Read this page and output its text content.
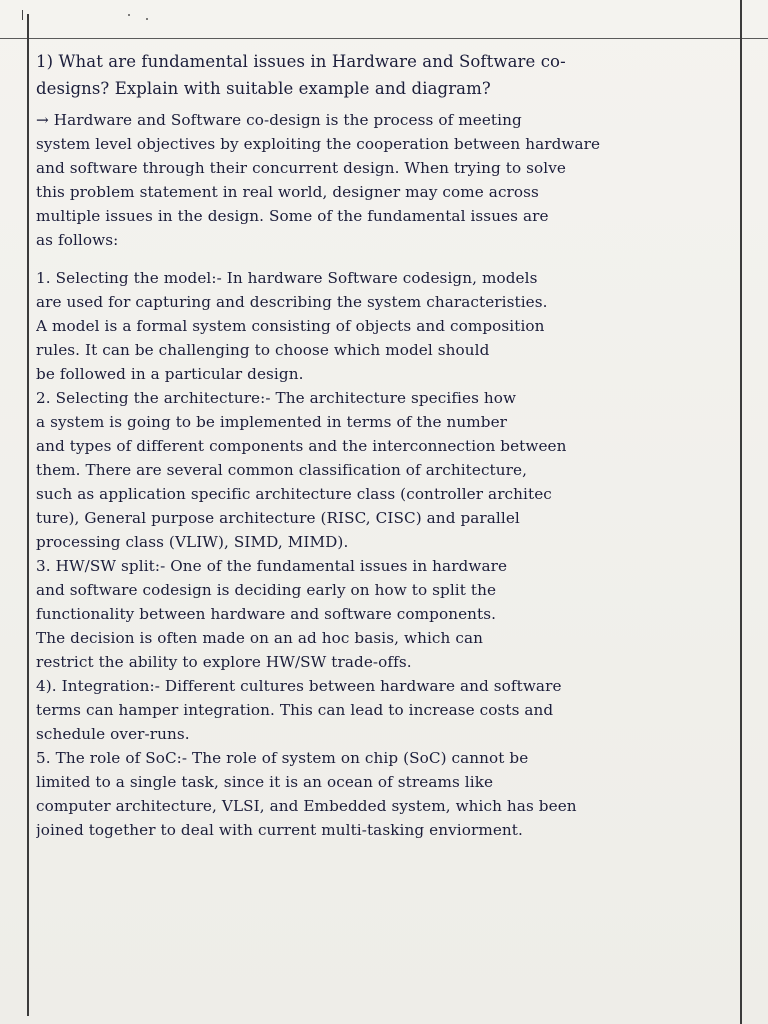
1) What are fundamental issues in Hardware and Software co-
designs? Explain with suitable example and diagram?
→ Hardware and Software co-design is the process of meeting
system level objectives by exploiting the cooperation between hardware
and software through their concurrent design. When trying to solve
this problem statement in real world, designer may come across
multiple issues in the design. Some of the fundamental issues are
as follows:
1. Selecting the model:- In hardware Software codesign, models
are used for capturing and describing the system characteristies.
A model is a formal system consisting of objects and composition
rules. It can be challenging to choose which model should
be followed in a particular design.
2. Selecting the architecture:- The architecture specifies how
a system is going to be implemented in terms of the number
and types of different components and the interconnection between
them. There are several common classification of architecture,
such as application specific architecture class (controller architec
ture), General purpose architecture (RISC, CISC) and parallel
processing class (VLIW), SIMD, MIMD).
3. HW/SW split:- One of the fundamental issues in hardware
and software codesign is deciding early on how to split the
functionality between hardware and software components.
The decision is often made on an ad hoc basis, which can
restrict the ability to explore HW/SW trade-offs.
4). Integration:- Different cultures between hardware and software
terms can hamper integration. This can lead to increase costs and
schedule over-runs.
5. The role of SoC:- The role of system on chip (SoC) cannot be
limited to a single task, since it is an ocean of streams like
computer architecture, VLSI, and Embedded system, which has been
joined together to deal with current multi-tasking enviorment.
